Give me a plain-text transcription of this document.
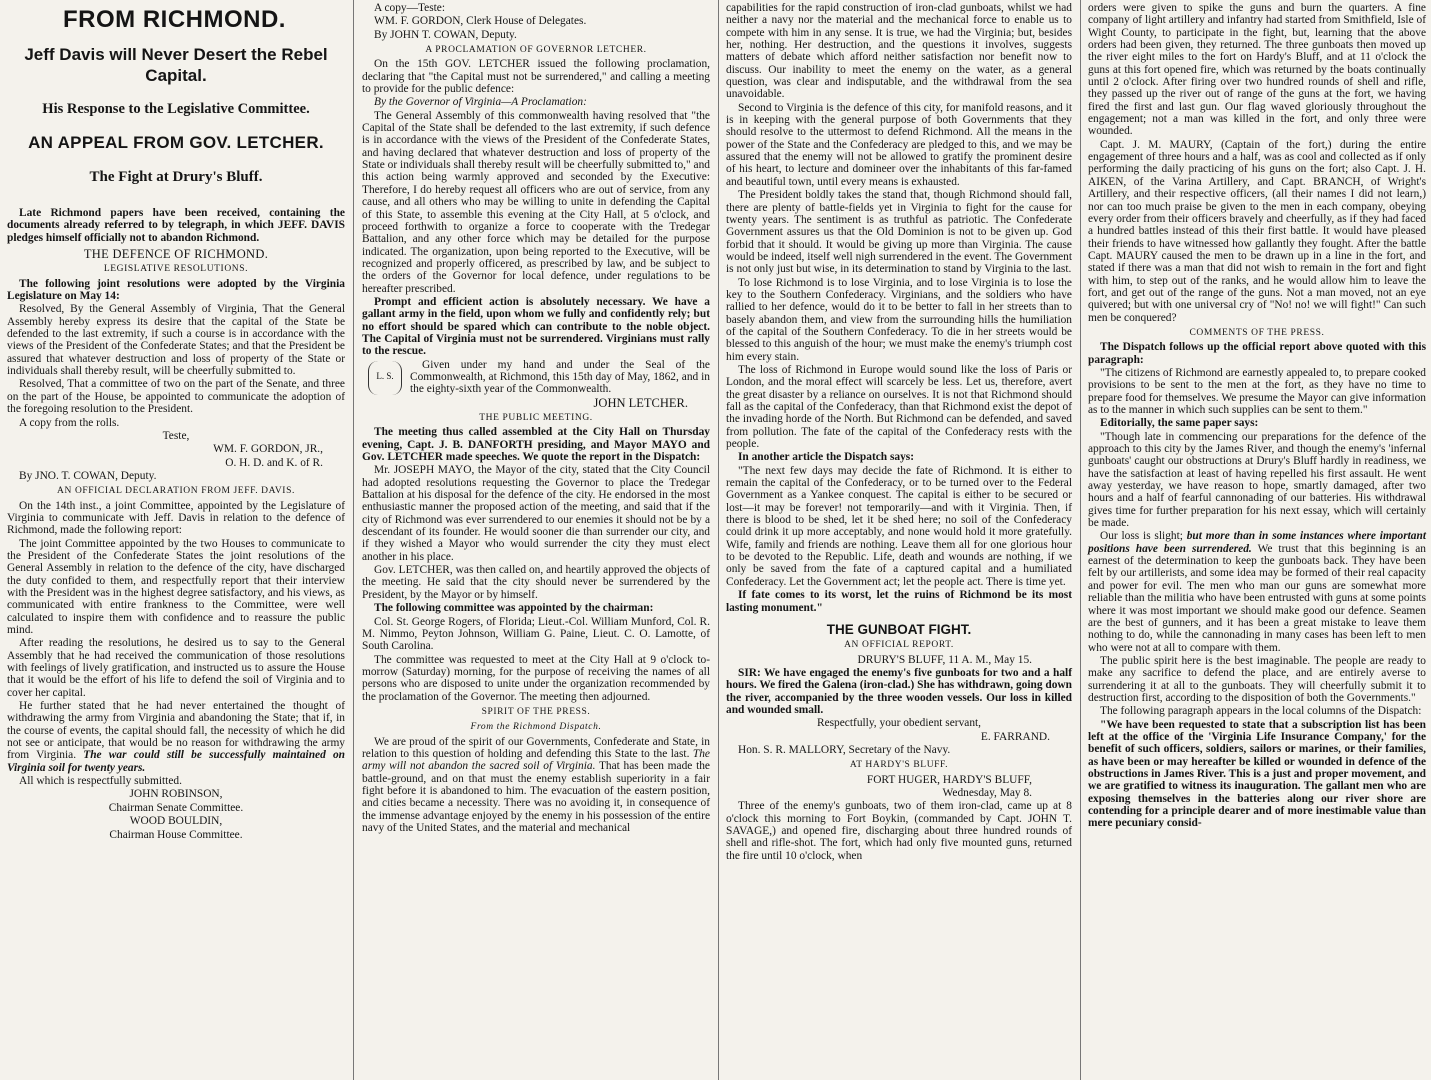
FROM RICHMOND.
Jeff Davis will Never Desert the Rebel Capital.
His Response to the Legislative Committee.
AN APPEAL FROM GOV. LETCHER.
The Fight at Drury's Bluff.

Late Richmond papers have been received, containing the documents already referred to by telegraph, in which JEFF. DAVIS pledges himself officially not to abandon Richmond.

THE DEFENCE OF RICHMOND.
LEGISLATIVE RESOLUTIONS.

The following joint resolutions were adopted by the Virginia Legislature on May 14:

Resolved, By the General Assembly of Virginia, That the General Assembly hereby express its desire that the capital of the State be defended to the last extremity, if such a course is in accordance with the views of the President of the Confederate States; and that the President be assured that whatever destruction and loss of property of the State or individuals shall thereby result, will be cheerfully submitted to.

Resolved, That a committee of two on the part of the Senate, and three on the part of the House, be appointed to communicate the adoption of the foregoing resolution to the President.

A copy from the rolls.

Teste,

WM. F. GORDON, JR.,

O. H. D. and K. of R.

By JNO. T. COWAN, Deputy.

AN OFFICIAL DECLARATION FROM JEFF. DAVIS.

On the 14th inst., a joint Committee, appointed by the Legislature of Virginia to communicate with Jeff. Davis in relation to the defence of Richmond, made the following report:

The joint Committee appointed by the two Houses to communicate to the President of the Confederate States the joint resolutions of the General Assembly in relation to the defence of the city, have discharged the duty confided to them, and respectfully report that their interview with the President was in the highest degree satisfactory, and his views, as communicated with entire frankness to the Committee, were well calculated to inspire them with confidence and to reassure the public mind.

After reading the resolutions, he desired us to say to the General Assembly that he had received the communication of those resolutions with feelings of lively gratification, and instructed us to assure the House that it would be the effort of his life to defend the soil of Virginia and to cover her capital.

He further stated that he had never entertained the thought of withdrawing the army from Virginia and abandoning the State; that if, in the course of events, the capital should fall, the necessity of which he did not see or anticipate, that would be no reason for withdrawing the army from Virginia. The war could still be successfully maintained on Virginia soil for twenty years.

All which is respectfully submitted.

JOHN ROBINSON,

Chairman Senate Committee.

WOOD BOULDIN,

Chairman House Committee.

A copy—Teste:

WM. F. GORDON, Clerk House of Delegates.

By JOHN T. COWAN, Deputy.

A PROCLAMATION OF GOVERNOR LETCHER.

On the 15th GOV. LETCHER issued the following proclamation, declaring that "the Capital must not be surrendered," and calling a meeting to provide for the public defence:

By the Governor of Virginia—A Proclamation:

The General Assembly of this commonwealth having resolved that "the Capital of the State shall be defended to the last extremity, if such defence is in accordance with the views of the President of the Confederate States, and having declared that whatever destruction and loss of property of the State or individuals shall thereby result will be cheerfully submitted to," and this action being warmly approved and seconded by the Executive: Therefore, I do hereby request all officers who are out of service, from any cause, and all others who may be willing to unite in defending the Capital of this State, to assemble this evening at the City Hall, at 5 o'clock, and proceed forthwith to organize a force to cooperate with the Tredegar Battalion, and any other force which may be detailed for the purpose indicated. The organization, upon being reported to the Executive, will be recognized and properly officered, as prescribed by law, and be subject to the orders of the Governor for local defence, under regulations to be hereafter prescribed.

Prompt and efficient action is absolutely necessary. We have a gallant army in the field, upon whom we fully and confidently rely; but no effort should be spared which can contribute to the noble object. The Capital of Virginia must not be surrendered. Virginians must rally to the rescue.

L. S.

Given under my hand and under the Seal of the Commonwealth, at Richmond, this 15th day of May, 1862, and in the eighty-sixth year of the Commonwealth.

JOHN LETCHER.

THE PUBLIC MEETING.

The meeting thus called assembled at the City Hall on Thursday evening, Capt. J. B. DANFORTH presiding, and Mayor MAYO and Gov. LETCHER made speeches. We quote the report in the Dispatch:

Mr. JOSEPH MAYO, the Mayor of the city, stated that the City Council had adopted resolutions requesting the Governor to place the Tredegar Battalion at his disposal for the defence of the city. He endorsed in the most enthusiastic manner the proposed action of the meeting, and said that if the city of Richmond was ever surrendered to our enemies it should not be by a descendant of its founder. He would sooner die than surrender our city, and if they wished a Mayor who would surrender the city they must elect another in his place.

Gov. LETCHER, was then called on, and heartily approved the objects of the meeting. He said that the city should never be surrendered by the President, by the Mayor or by himself.

The following committee was appointed by the chairman:

Col. St. George Rogers, of Florida; Lieut.-Col. William Munford, Col. R. M. Nimmo, Peyton Johnson, William G. Paine, Lieut. C. O. Lamotte, of South Carolina.

The committee was requested to meet at the City Hall at 9 o'clock to-morrow (Saturday) morning, for the purpose of receiving the names of all persons who are disposed to unite under the organization recommended by the proclamation of the Governor. The meeting then adjourned.

SPIRIT OF THE PRESS.
From the Richmond Dispatch.

We are proud of the spirit of our Governments, Confederate and State, in relation to this question of holding and defending this State to the last. The army will not abandon the sacred soil of Virginia. That has been made the battle-ground, and on that must the enemy establish superiority in a fair fight before it is abandoned to him. The evacuation of the eastern position, and cities became a necessity. There was no avoiding it, in consequence of the immense advantage enjoyed by the enemy in his possession of the entire navy of the United States, and the material and mechanical

capabilities for the rapid construction of iron-clad gunboats, whilst we had neither a navy nor the material and the mechanical force to enable us to compete with him in any sense. It is true, we had the Virginia; but, besides her, nothing. Her destruction, and the questions it involves, suggests matters of debate which afford neither satisfaction nor benefit now to discuss. Our inability to meet the enemy on the water, as a general question, was clear and indisputable, and the withdrawal from the sea unavoidable.

Second to Virginia is the defence of this city, for manifold reasons, and it is in keeping with the general purpose of both Governments that they should resolve to the uttermost to defend Richmond. All the means in the power of the State and the Confederacy are pledged to this, and we may be assured that the enemy will not be allowed to gratify the prominent desire of his heart, to lecture and domineer over the inhabitants of this far-famed and beautiful town, until every means is exhausted.

The President boldly takes the stand that, though Richmond should fall, there are plenty of battle-fields yet in Virginia to fight for the cause for twenty years. The sentiment is as truthful as patriotic. The Confederate Government assures us that the Old Dominion is not to be given up. God forbid that it should. It would be giving up more than Virginia. The cause would be indeed, itself well nigh surrendered in the event. The Government is not only just but wise, in its determination to stand by Virginia to the last.

To lose Richmond is to lose Virginia, and to lose Virginia is to lose the key to the Southern Confederacy. Virginians, and the soldiers who have rallied to her defence, would do it to be better to fall in her streets than to basely abandon them, and view from the surrounding hills the humiliation of the capital of the Southern Confederacy. To die in her streets would be blessed to this anguish of the hour; we must make the enemy's triumph cost him every stain.

The loss of Richmond in Europe would sound like the loss of Paris or London, and the moral effect will scarcely be less. Let us, therefore, avert the great disaster by a reliance on ourselves. It is not that Richmond should fall as the capital of the Confederacy, than that Richmond exist the depot of the invading horde of the North. But Richmond can be defended, and saved from pollution. The fate of the capital of the Confederacy rests with the people.

In another article the Dispatch says:

"The next few days may decide the fate of Richmond. It is either to remain the capital of the Confederacy, or to be turned over to the Federal Government as a Yankee conquest. The capital is either to be secured or lost—it may be forever! not temporarily—and with it Virginia. Then, if there is blood to be shed, let it be shed here; no soil of the Confederacy could drink it up more acceptably, and none would hold it more gratefully. Wife, family and friends are nothing. Leave them all for one glorious hour to be devoted to the Republic. Life, death and wounds are nothing, if we only be saved from the fate of a captured capital and a humiliated Confederacy. Let the Government act; let the people act. There is time yet.

If fate comes to its worst, let the ruins of Richmond be its most lasting monument."

THE GUNBOAT FIGHT.
AN OFFICIAL REPORT.

DRURY'S BLUFF, 11 A. M., May 15.

SIR: We have engaged the enemy's five gunboats for two and a half hours. We fired the Galena (iron-clad.) She has withdrawn, going down the river, accompanied by the three wooden vessels. Our loss in killed and wounded small.

Respectfully, your obedient servant,

E. FARRAND.

Hon. S. R. MALLORY, Secretary of the Navy.

AT HARDY'S BLUFF.

FORT HUGER, HARDY'S BLUFF,

Wednesday, May 8.

Three of the enemy's gunboats, two of them iron-clad, came up at 8 o'clock this morning to Fort Boykin, (commanded by Capt. JOHN T. SAVAGE,) and opened fire, discharging about three hundred rounds of shell and rifle-shot. The fort, which had only five mounted guns, returned the fire until 10 o'clock, when

orders were given to spike the guns and burn the quarters. A fine company of light artillery and infantry had started from Smithfield, Isle of Wight County, to participate in the fight, but, learning that the above orders had been given, they returned. The three gunboats then moved up the river eight miles to the fort on Hardy's Bluff, and at 11 o'clock the guns at this fort opened fire, which was returned by the boats continually until 2 o'clock. After firing over two hundred rounds of shell and rifle, they passed up the river out of range of the guns at the fort, we having fired the first and last gun. Our flag waved gloriously throughout the engagement; not a man was killed in the fort, and only three were wounded.

Capt. J. M. MAURY, (Captain of the fort,) during the entire engagement of three hours and a half, was as cool and collected as if only performing the daily practicing of his guns on the fort; also Capt. J. H. AIKEN, of the Varina Artillery, and Capt. BRANCH, of Wright's Artillery, and their respective officers, (all their names I did not learn,) nor can too much praise be given to the men in each company, obeying every order from their officers bravely and cheerfully, as if they had faced a hundred battles instead of this their first battle. It would have pleased their friends to have witnessed how gallantly they fought. After the battle Capt. MAURY caused the men to be drawn up in a line in the fort, and stated if there was a man that did not wish to remain in the fort and fight with him, to step out of the ranks, and he would allow him to leave the fort, and get out of the range of the guns. Not a man moved, not an eye quivered; but with one universal cry of "No! no! we will fight!" Can such men be conquered?

COMMENTS OF THE PRESS.

The Dispatch follows up the official report above quoted with this paragraph:

"The citizens of Richmond are earnestly appealed to, to prepare cooked provisions to be sent to the men at the fort, as they have no time to prepare food for themselves. We presume the Mayor can give information as to the manner in which such supplies can be sent to them."

Editorially, the same paper says:

"Though late in commencing our preparations for the defence of the approach to this city by the James River, and though the enemy's 'infernal gunboats' caught our obstructions at Drury's Bluff hardly in readiness, we have the satisfaction at least of having repelled his first assault. He went away yesterday, we have reason to hope, smartly damaged, after two hours and a half of fearful cannonading of our batteries. His withdrawal gives time for further preparation for his next essay, which will certainly be made.

Our loss is slight; but more than in some instances where important positions have been surrendered. We trust that this beginning is an earnest of the determination to keep the gunboats back. They have been felt by our artillerists, and some idea may be formed of their real capacity and power for evil. The men who man our guns are somewhat more reliable than the militia who have been entrusted with guns at some points where it was most important we should make good our defence. Seamen are the best of gunners, and it has been a great mistake to leave them nothing to do, while the cannonading in many cases has been left to men who were not at all to compare with them.

The public spirit here is the best imaginable. The people are ready to make any sacrifice to defend the place, and are entirely averse to surrendering it at all to the gunboats. They will cheerfully submit it to destruction first, according to the disposition of both the Governments."

The following paragraph appears in the local columns of the Dispatch:

"We have been requested to state that a subscription list has been left at the office of the 'Virginia Life Insurance Company,' for the benefit of such officers, soldiers, sailors or marines, or their families, as have been or may hereafter be killed or wounded in defence of the obstructions in James River. This is a just and proper movement, and we are gratified to witness its inauguration. The gallant men who are exposing themselves in the batteries along our river shore are contending for a principle dearer and of more inestimable value than mere pecuniary consid-
